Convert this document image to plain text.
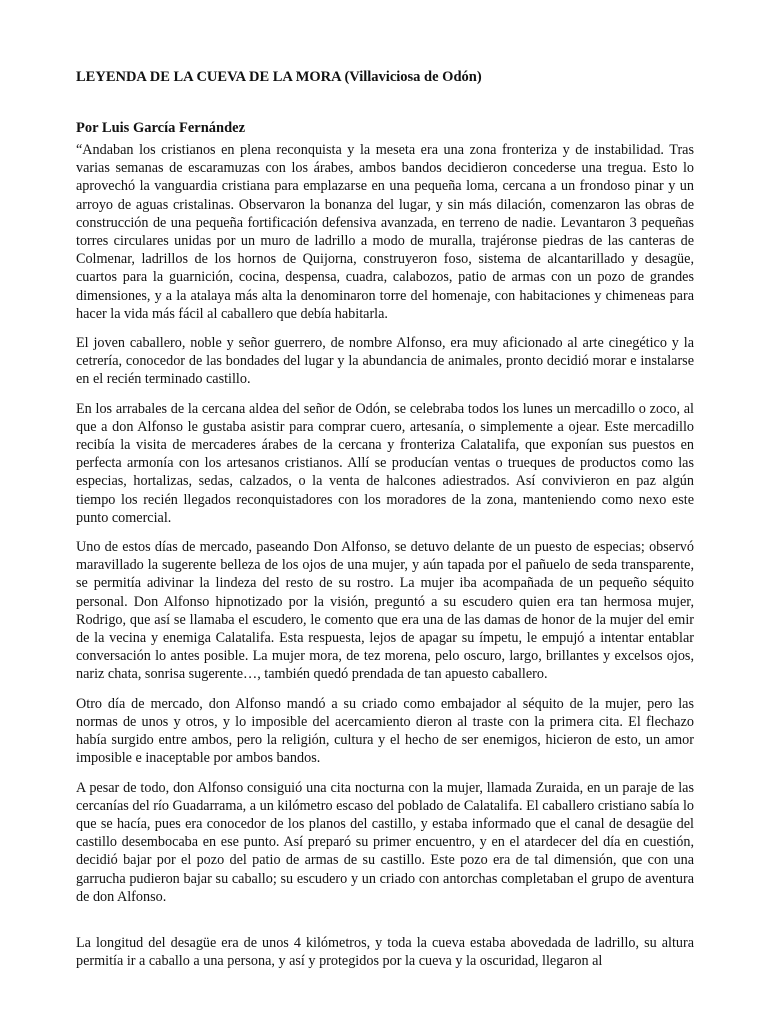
LEYENDA DE LA CUEVA DE LA MORA (Villaviciosa de Odón)
Por Luis García Fernández

“Andaban los cristianos en plena reconquista y la meseta era una zona fronteriza y de instabilidad. Tras varias semanas de escaramuzas con los árabes, ambos bandos decidieron concederse una tregua. Esto lo aprovechó la vanguardia cristiana para emplazarse en una pequeña loma, cercana a un frondoso pinar y un arroyo de aguas cristalinas. Observaron la bonanza del lugar, y sin más dilación, comenzaron las obras de construcción de una pequeña fortificación defensiva avanzada, en terreno de nadie. Levantaron 3 pequeñas torres circulares unidas por un muro de ladrillo a modo de muralla, trajéronse piedras de las canteras de Colmenar, ladrillos de los hornos de Quijorna, construyeron foso, sistema de alcantarillado y desagüe, cuartos para la guarnición, cocina, despensa, cuadra, calabozos, patio de armas con un pozo de grandes dimensiones, y a la atalaya más alta la denominaron torre del homenaje, con habitaciones y chimeneas para hacer la vida más fácil al caballero que debía habitarla.

El joven caballero, noble y señor guerrero, de nombre Alfonso, era muy aficionado al arte cinegético y la cetrería, conocedor de las bondades del lugar y la abundancia de animales, pronto decidió morar e instalarse en el recién terminado castillo.

En los arrabales de la cercana aldea del señor de Odón, se celebraba todos los lunes un mercadillo o zoco, al que a don Alfonso le gustaba asistir para comprar cuero, artesanía, o simplemente a ojear. Este mercadillo recibía la visita de mercaderes árabes de la cercana y fronteriza Calatalifa, que exponían sus puestos en perfecta armonía con los artesanos cristianos. Allí se producían ventas o trueques de productos como las especias, hortalizas, sedas, calzados, o la venta de halcones adiestrados. Así convivieron en paz algún tiempo los recién llegados reconquistadores con los moradores de la zona, manteniendo como nexo este punto comercial.

Uno de estos días de mercado, paseando Don Alfonso, se detuvo delante de un puesto de especias; observó maravillado la sugerente belleza de los ojos de una mujer, y aún tapada por el pañuelo de seda transparente, se permitía adivinar la lindeza del resto de su rostro. La mujer iba acompañada de un pequeño séquito personal. Don Alfonso hipnotizado por la visión, preguntó a su escudero quien era tan hermosa mujer, Rodrigo, que así se llamaba el escudero, le comento que era una de las damas de honor de la mujer del emir de la vecina y enemiga Calatalifa. Esta respuesta, lejos de apagar su ímpetu, le empujó a intentar entablar conversación lo antes posible. La mujer mora, de tez morena, pelo oscuro, largo, brillantes y excelsos ojos, nariz chata, sonrisa sugerente…, también quedó prendada de tan apuesto caballero.

Otro día de mercado, don Alfonso mandó a su criado como embajador al séquito de la mujer, pero las normas de unos y otros, y lo imposible del acercamiento dieron al traste con la primera cita. El flechazo había surgido entre ambos, pero la religión, cultura y el hecho de ser enemigos, hicieron de esto, un amor imposible e inaceptable por ambos bandos.

A pesar de todo, don Alfonso consiguió una cita nocturna con la mujer, llamada Zuraida, en un paraje de las cercanías del río Guadarrama, a un kilómetro escaso del poblado de Calatalifa. El caballero cristiano sabía lo que se hacía, pues era conocedor de los planos del castillo, y estaba informado que el canal de desagüe del castillo desembocaba en ese punto. Así preparó su primer encuentro, y en el atardecer del día en cuestión, decidió bajar por el pozo del patio de armas de su castillo. Este pozo era de tal dimensión, que con una garrucha pudieron bajar su caballo; su escudero y un criado con antorchas completaban el grupo de aventura de don Alfonso.

La longitud del desagüe era de unos 4 kilómetros, y toda la cueva estaba abovedada de ladrillo, su altura permitía ir a caballo a una persona, y así y protegidos por la cueva y la oscuridad, llegaron al
